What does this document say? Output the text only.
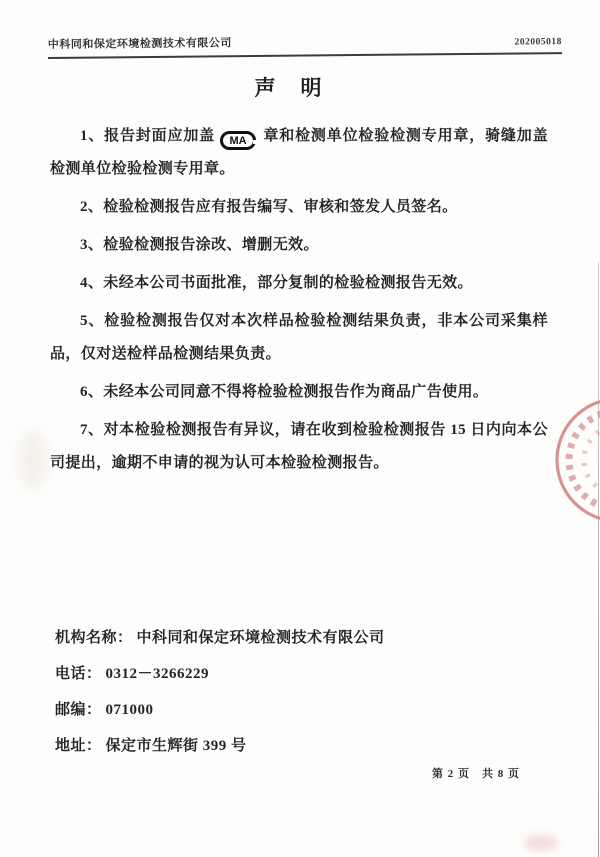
中科同和保定环境检测技术有限公司	202005018
声　明

1、报告封面应加盖 MA 章和检测单位检验检测专用章，骑缝加盖检测单位检验检测专用章。

2、检验检测报告应有报告编写、审核和签发人员签名。

3、检验检测报告涂改、增删无效。

4、未经本公司书面批准，部分复制的检验检测报告无效。

5、检验检测报告仅对本次样品检验检测结果负责，非本公司采集样品，仅对送检样品检测结果负责。

6、未经本公司同意不得将检验检测报告作为商品广告使用。

7、对本检验检测报告有异议，请在收到检验检测报告 15 日内向本公司提出，逾期不申请的视为认可本检验检测报告。

机构名称： 中科同和保定环境检测技术有限公司
电话： 0312－3266229
邮编： 071000
地址： 保定市生辉街 399 号
第 2 页　共 8 页
